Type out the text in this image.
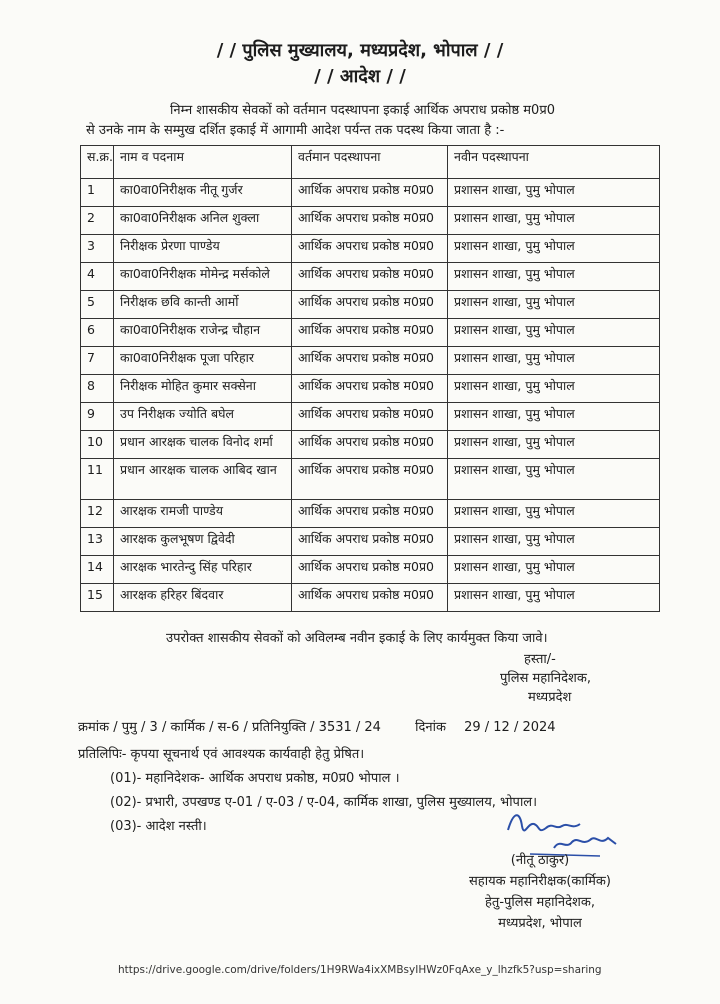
/ / पुलिस मुख्यालय, मध्यप्रदेश, भोपाल / /
/ / आदेश / /
निम्न शासकीय सेवकों को वर्तमान पदस्थापना इकाई आर्थिक अपराध प्रकोष्ठ म0प्र0
से उनके नाम के सम्मुख दर्शित इकाई में आगामी आदेश पर्यन्त तक पदस्थ किया जाता है :-
स.क्र.	नाम व पदनाम	वर्तमान पदस्थापना	नवीन पदस्थापना
1	का0वा0निरीक्षक नीतू गुर्जर	आर्थिक अपराध प्रकोष्ठ म0प्र0	प्रशासन शाखा, पुमु भोपाल
2	का0वा0निरीक्षक अनिल शुक्ला	आर्थिक अपराध प्रकोष्ठ म0प्र0	प्रशासन शाखा, पुमु भोपाल
3	निरीक्षक प्रेरणा पाण्डेय	आर्थिक अपराध प्रकोष्ठ म0प्र0	प्रशासन शाखा, पुमु भोपाल
4	का0वा0निरीक्षक मोमेन्द्र मर्सकोले	आर्थिक अपराध प्रकोष्ठ म0प्र0	प्रशासन शाखा, पुमु भोपाल
5	निरीक्षक छवि कान्ती आर्मो	आर्थिक अपराध प्रकोष्ठ म0प्र0	प्रशासन शाखा, पुमु भोपाल
6	का0वा0निरीक्षक राजेन्द्र चौहान	आर्थिक अपराध प्रकोष्ठ म0प्र0	प्रशासन शाखा, पुमु भोपाल
7	का0वा0निरीक्षक पूजा परिहार	आर्थिक अपराध प्रकोष्ठ म0प्र0	प्रशासन शाखा, पुमु भोपाल
8	निरीक्षक मोहित कुमार सक्सेना	आर्थिक अपराध प्रकोष्ठ म0प्र0	प्रशासन शाखा, पुमु भोपाल
9	उप निरीक्षक ज्योति बघेल	आर्थिक अपराध प्रकोष्ठ म0प्र0	प्रशासन शाखा, पुमु भोपाल
10	प्रधान आरक्षक चालक विनोद शर्मा	आर्थिक अपराध प्रकोष्ठ म0प्र0	प्रशासन शाखा, पुमु भोपाल
11	प्रधान आरक्षक चालक आबिद खान	आर्थिक अपराध प्रकोष्ठ म0प्र0	प्रशासन शाखा, पुमु भोपाल
12	आरक्षक रामजी पाण्डेय	आर्थिक अपराध प्रकोष्ठ म0प्र0	प्रशासन शाखा, पुमु भोपाल
13	आरक्षक कुलभूषण द्विवेदी	आर्थिक अपराध प्रकोष्ठ म0प्र0	प्रशासन शाखा, पुमु भोपाल
14	आरक्षक भारतेन्दु सिंह परिहार	आर्थिक अपराध प्रकोष्ठ म0प्र0	प्रशासन शाखा, पुमु भोपाल
15	आरक्षक हरिहर बिंदवार	आर्थिक अपराध प्रकोष्ठ म0प्र0	प्रशासन शाखा, पुमु भोपाल
उपरोक्त शासकीय सेवकों को अविलम्ब नवीन इकाई के लिए कार्यमुक्त किया जावे।
हस्ता/-
पुलिस महानिदेशक,
मध्यप्रदेश
क्रमांक / पुमु / 3 / कार्मिक / स-6 / प्रतिनियुक्ति / 3531 / 24	दिनांक 29 / 12 / 2024
प्रतिलिपिः- कृपया सूचनार्थ एवं आवश्यक कार्यवाही हेतु प्रेषित।
(01)- महानिदेशक- आर्थिक अपराध प्रकोष्ठ, म0प्र0 भोपाल ।
(02)- प्रभारी, उपखण्ड ए-01 / ए-03 / ए-04, कार्मिक शाखा, पुलिस मुख्यालय, भोपाल।
(03)- आदेश नस्ती।
(नीतू ठाकुर)
सहायक महानिरीक्षक(कार्मिक)
हेतु-पुलिस महानिदेशक,
मध्यप्रदेश, भोपाल
https://drive.google.com/drive/folders/1H9RWa4ixXMBsyIHWz0FqAxe_y_lhzfk5?usp=sharing
